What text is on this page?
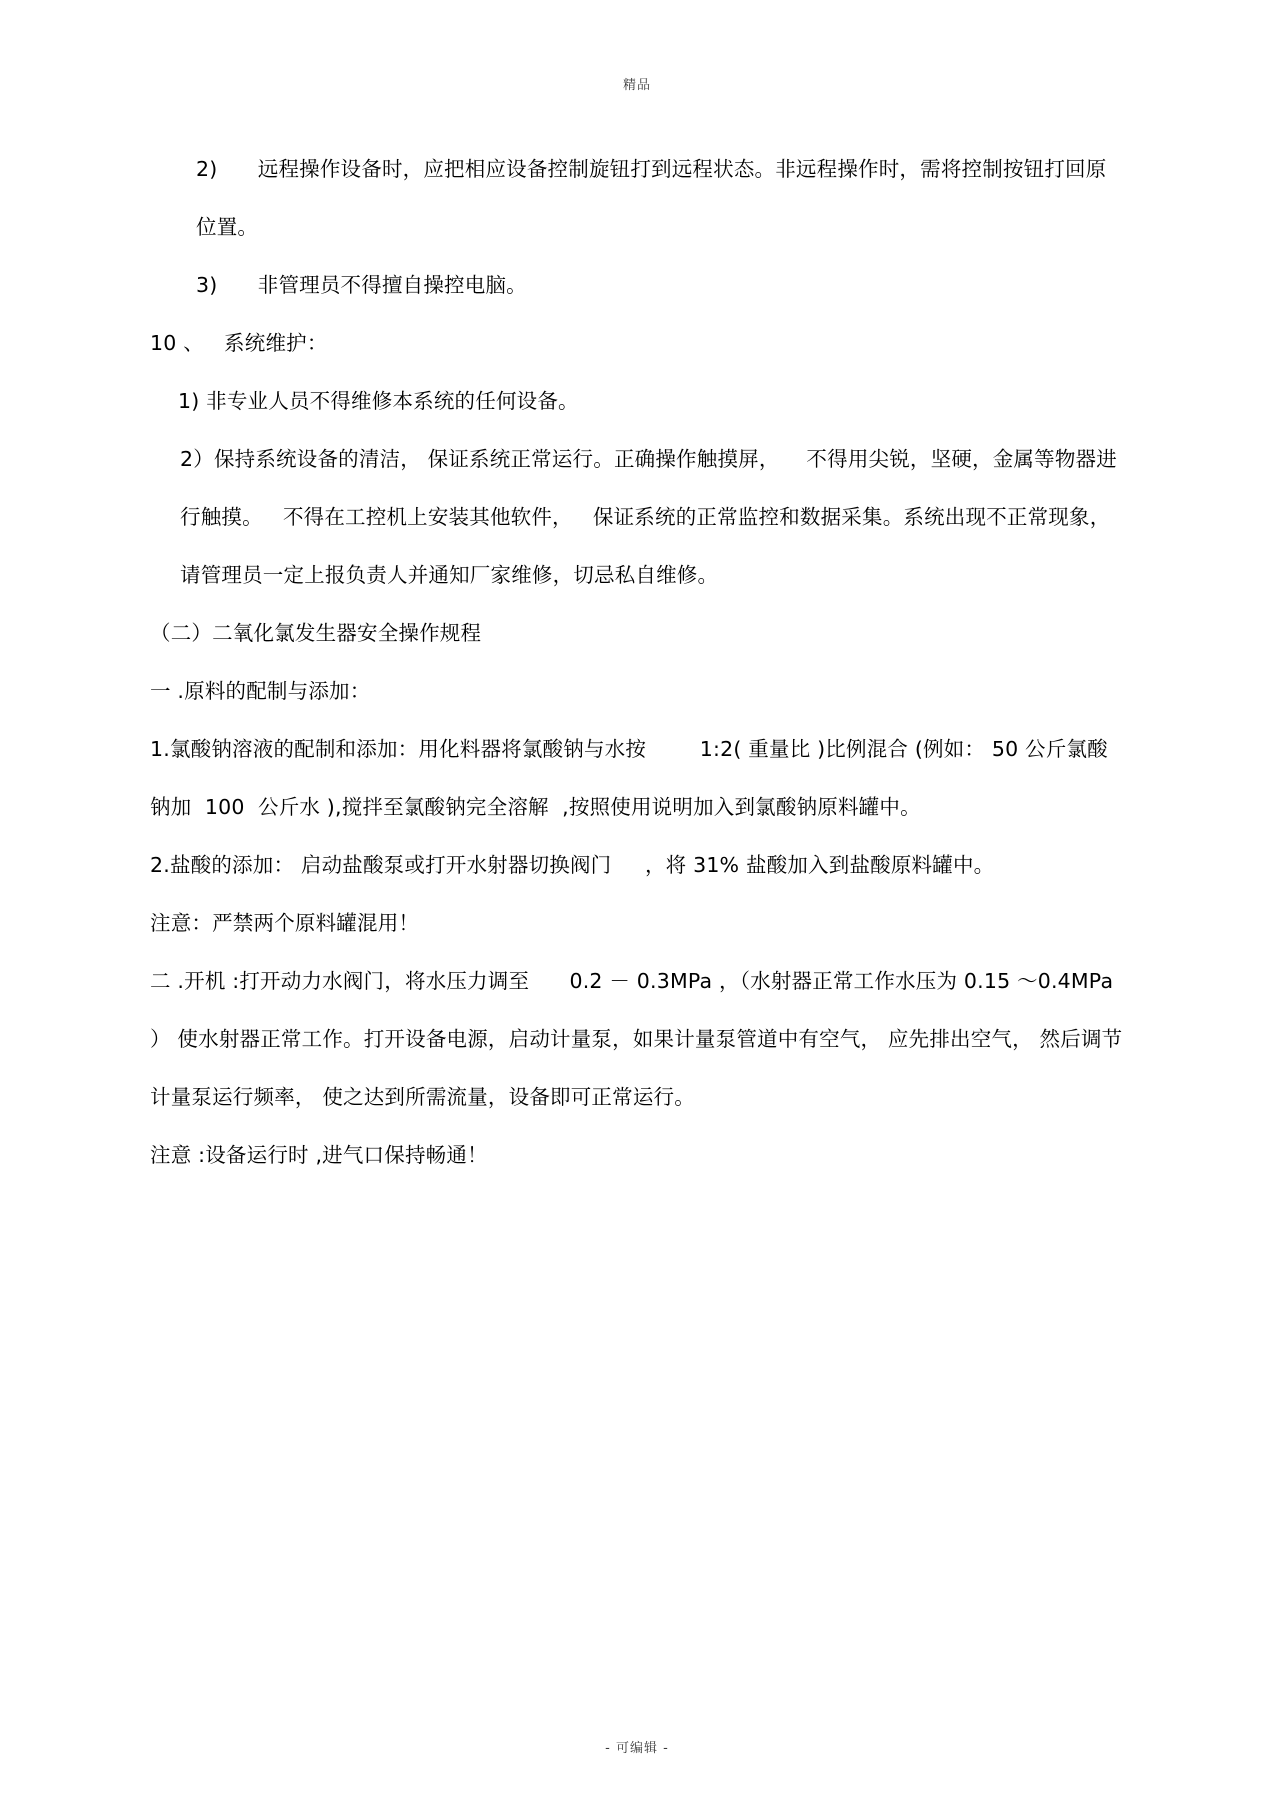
精品

2)      远程操作设备时，应把相应设备控制旋钮打到远程状态。非远程操作时，需将控制按钮打回原位置。

3)      非管理员不得擅自操控电脑。

10 、   系统维护：

1) 非专业人员不得维修本系统的任何设备。

2）保持系统设备的清洁， 保证系统正常运行。正确操作触摸屏，    不得用尖锐，坚硬，金属等物器进行触摸。   不得在工控机上安装其他软件，   保证系统的正常监控和数据采集。系统出现不正常现象， 请管理员一定上报负责人并通知厂家维修，切忌私自维修。

（二）二氧化氯发生器安全操作规程

一 .原料的配制与添加：

1.氯酸钠溶液的配制和添加：用化料器将氯酸钠与水按        1:2( 重量比 )比例混合 (例如： 50 公斤氯酸钠加  100  公斤水 ),搅拌至氯酸钠完全溶解  ,按照使用说明加入到氯酸钠原料罐中。

2.盐酸的添加： 启动盐酸泵或打开水射器切换阀门     ，将 31% 盐酸加入到盐酸原料罐中。

注意：严禁两个原料罐混用！

二 .开机 :打开动力水阀门，将水压力调至      0.2 － 0.3MPa ，（水射器正常工作水压为 0.15 ～0.4MPa ） 使水射器正常工作。打开设备电源，启动计量泵，如果计量泵管道中有空气， 应先排出空气， 然后调节计量泵运行频率， 使之达到所需流量，设备即可正常运行。

注意 :设备运行时 ,进气口保持畅通！

- 可编辑 -
